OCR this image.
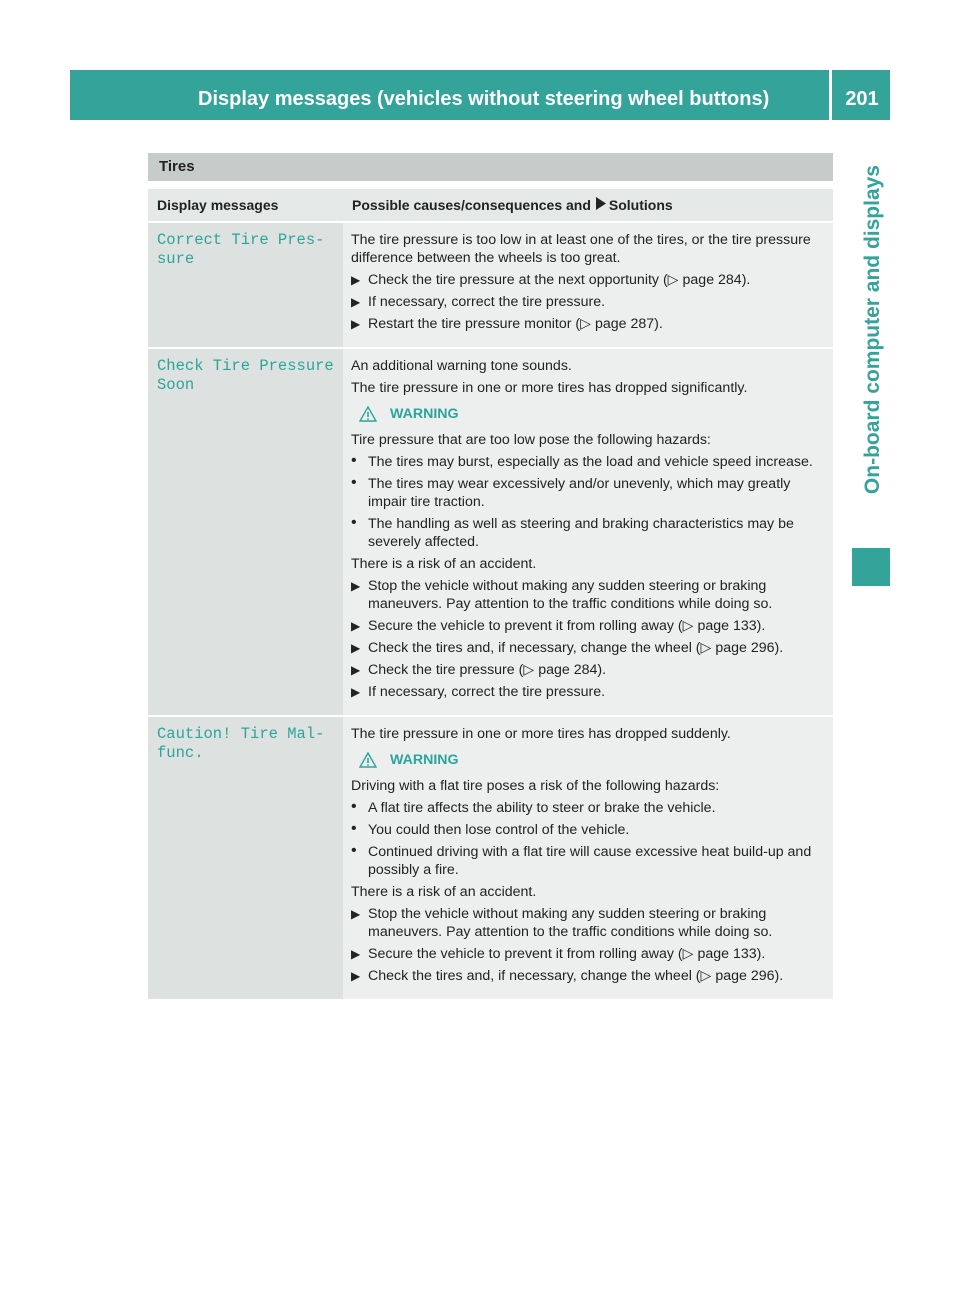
Display messages (vehicles without steering wheel buttons)	201
On-board computer and displays
Tires
Display messages	Possible causes/consequences and Solutions
Correct Tire Pres‐
sure

The tire pressure is too low in at least one of the tires, or the tire pressure difference between the wheels is too great.

▶ Check the tire pressure at the next opportunity (▷ page 284).
▶ If necessary, correct the tire pressure.
▶ Restart the tire pressure monitor (▷ page 287).
Check Tire Pressure
Soon

An additional warning tone sounds.

The tire pressure in one or more tires has dropped significantly.

WARNING

Tire pressure that are too low pose the following hazards:

• The tires may burst, especially as the load and vehicle speed increase.
• The tires may wear excessively and/or unevenly, which may greatly impair tire traction.
• The handling as well as steering and braking characteristics may be severely affected.

There is a risk of an accident.

▶ Stop the vehicle without making any sudden steering or braking maneuvers. Pay attention to the traffic conditions while doing so.
▶ Secure the vehicle to prevent it from rolling away (▷ page 133).
▶ Check the tires and, if necessary, change the wheel (▷ page 296).
▶ Check the tire pressure (▷ page 284).
▶ If necessary, correct the tire pressure.
Caution! Tire Mal‐
func.

The tire pressure in one or more tires has dropped suddenly.

WARNING

Driving with a flat tire poses a risk of the following hazards:

• A flat tire affects the ability to steer or brake the vehicle.
• You could then lose control of the vehicle.
• Continued driving with a flat tire will cause excessive heat build-up and possibly a fire.

There is a risk of an accident.

▶ Stop the vehicle without making any sudden steering or braking maneuvers. Pay attention to the traffic conditions while doing so.
▶ Secure the vehicle to prevent it from rolling away (▷ page 133).
▶ Check the tires and, if necessary, change the wheel (▷ page 296).
